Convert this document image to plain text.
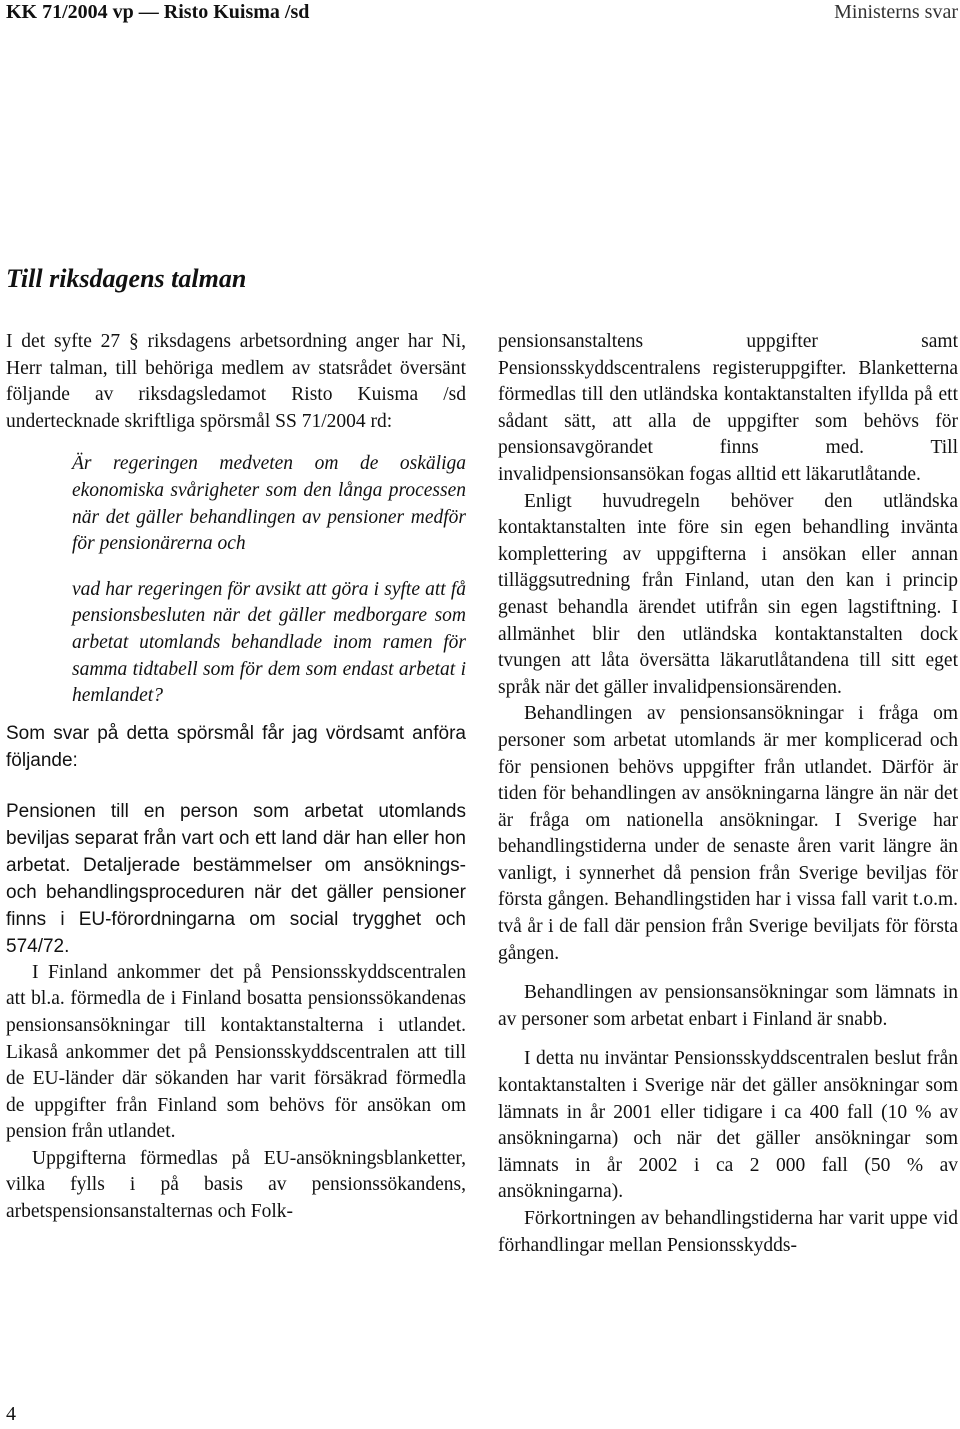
KK 71/2004 vp — Risto Kuisma /sd	Ministerns svar
Till riksdagens talman

I det syfte 27 § riksdagens arbetsordning anger har Ni, Herr talman, till behöriga medlem av statsrådet översänt följande av riksdagsledamot Risto Kuisma /sd undertecknade skriftliga spörsmål SS 71/2004 rd:

Är regeringen medveten om de oskäliga ekonomiska svårigheter som den långa processen när det gäller behandlingen av pensioner medför för pensionärerna och

vad har regeringen för avsikt att göra i syfte att få pensionsbesluten när det gäller medborgare som arbetat utomlands behandlade inom ramen för samma tidtabell som för dem som endast arbetat i hemlandet?

Som svar på detta spörsmål får jag vördsamt anföra följande:

Pensionen till en person som arbetat utomlands beviljas separat från vart och ett land där han eller hon arbetat. Detaljerade bestämmelser om ansöknings- och behandlingsproceduren när det gäller pensioner finns i EU-förordningarna om social trygghet och 574/72.

I Finland ankommer det på Pensionsskyddscentralen att bl.a. förmedla de i Finland bosatta pensionssökandenas pensionsansökningar till kontaktanstalterna i utlandet. Likaså ankommer det på Pensionsskyddscentralen att till de EU-länder där sökanden har varit försäkrad förmedla de uppgifter från Finland som behövs för ansökan om pension från utlandet.

Uppgifterna förmedlas på EU-ansökningsblanketter, vilka fylls i på basis av pensionssökandens, arbetspensionsanstalternas och Folk-

pensionsanstaltens uppgifter samt Pensionsskyddscentralens registeruppgifter. Blanketterna förmedlas till den utländska kontaktanstalten ifyllda på ett sådant sätt, att alla de uppgifter som behövs för pensionsavgörandet finns med. Till invalidpensionsansökan fogas alltid ett läkarutlåtande.

Enligt huvudregeln behöver den utländska kontaktanstalten inte före sin egen behandling invänta komplettering av uppgifterna i ansökan eller annan tilläggsutredning från Finland, utan den kan i princip genast behandla ärendet utifrån sin egen lagstiftning. I allmänhet blir den utländska kontaktanstalten dock tvungen att låta översätta läkarutlåtandena till sitt eget språk när det gäller invalidpensionsärenden.

Behandlingen av pensionsansökningar i fråga om personer som arbetat utomlands är mer komplicerad och för pensionen behövs uppgifter från utlandet. Därför är tiden för behandlingen av ansökningarna längre än när det är fråga om nationella ansökningar. I Sverige har behandlingstiderna under de senaste åren varit längre än vanligt, i synnerhet då pension från Sverige beviljas för första gången. Behandlingstiden har i vissa fall varit t.o.m. två år i de fall där pension från Sverige beviljats för första gången.

Behandlingen av pensionsansökningar som lämnats in av personer som arbetat enbart i Finland är snabb.

I detta nu inväntar Pensionsskyddscentralen beslut från kontaktanstalten i Sverige när det gäller ansökningar som lämnats in år 2001 eller tidigare i ca 400 fall (10 % av ansökningarna) och när det gäller ansökningar som lämnats in år 2002 i ca 2 000 fall (50 % av ansökningarna).

Förkortningen av behandlingstiderna har varit uppe vid förhandlingar mellan Pensionsskydds-

4
